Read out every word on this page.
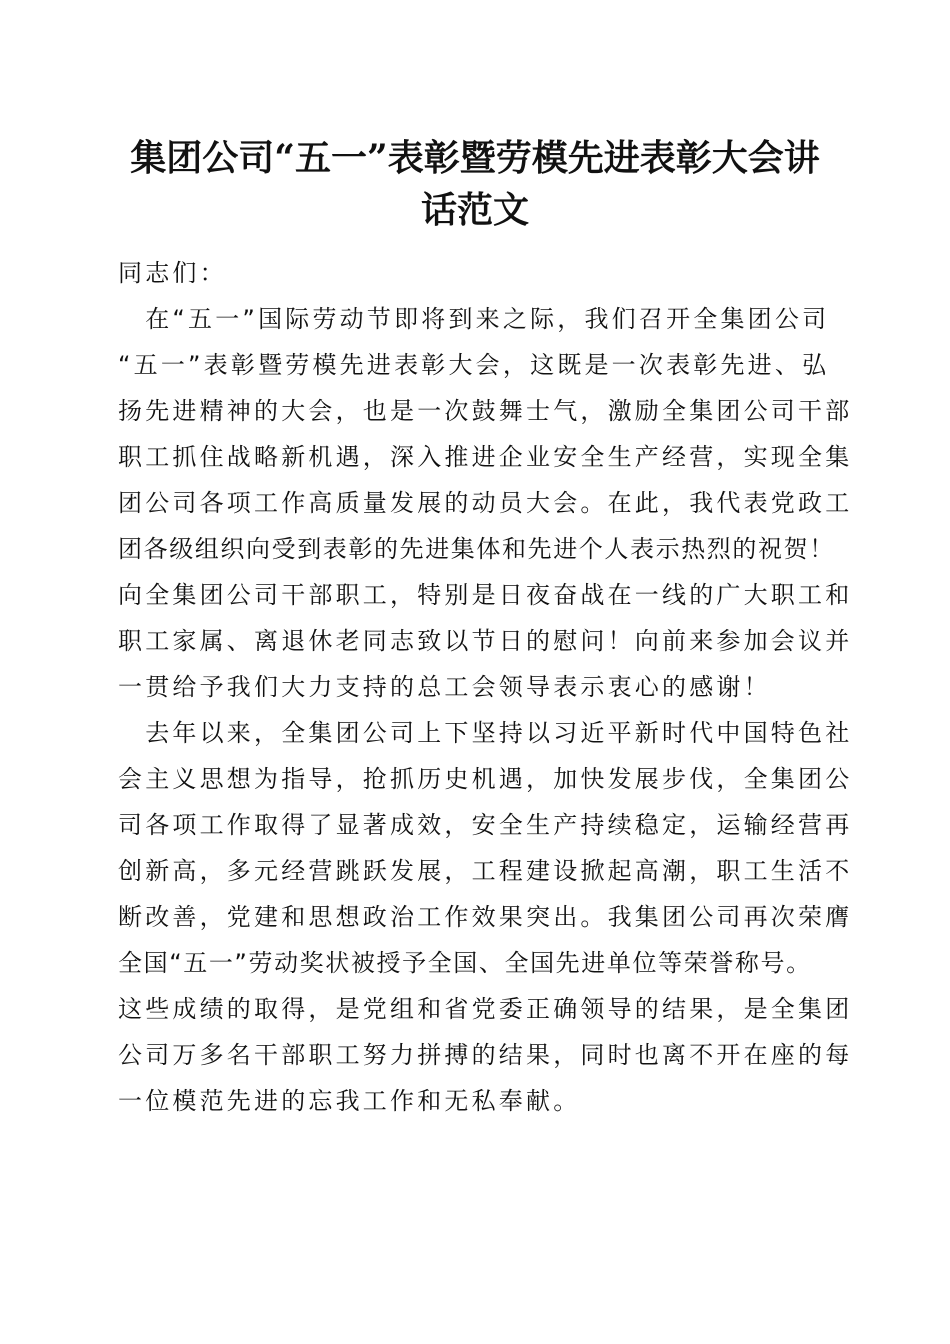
集团公司“五一”表彰暨劳模先进表彰大会讲
话范文
同志们：
　在“五一”国际劳动节即将到来之际，我们召开全集团公司
“五一”表彰暨劳模先进表彰大会，这既是一次表彰先进、弘
扬先进精神的大会，也是一次鼓舞士气，激励全集团公司干部
职工抓住战略新机遇，深入推进企业安全生产经营，实现全集
团公司各项工作高质量发展的动员大会。在此，我代表党政工
团各级组织向受到表彰的先进集体和先进个人表示热烈的祝贺！
向全集团公司干部职工，特别是日夜奋战在一线的广大职工和
职工家属、离退休老同志致以节日的慰问！向前来参加会议并
一贯给予我们大力支持的总工会领导表示衷心的感谢！
　去年以来，全集团公司上下坚持以习近平新时代中国特色社
会主义思想为指导，抢抓历史机遇，加快发展步伐，全集团公
司各项工作取得了显著成效，安全生产持续稳定，运输经营再
创新高，多元经营跳跃发展，工程建设掀起高潮，职工生活不
断改善，党建和思想政治工作效果突出。我集团公司再次荣膺
全国“五一”劳动奖状被授予全国、全国先进单位等荣誉称号。
这些成绩的取得，是党组和省党委正确领导的结果，是全集团
公司万多名干部职工努力拼搏的结果，同时也离不开在座的每
一位模范先进的忘我工作和无私奉献。
